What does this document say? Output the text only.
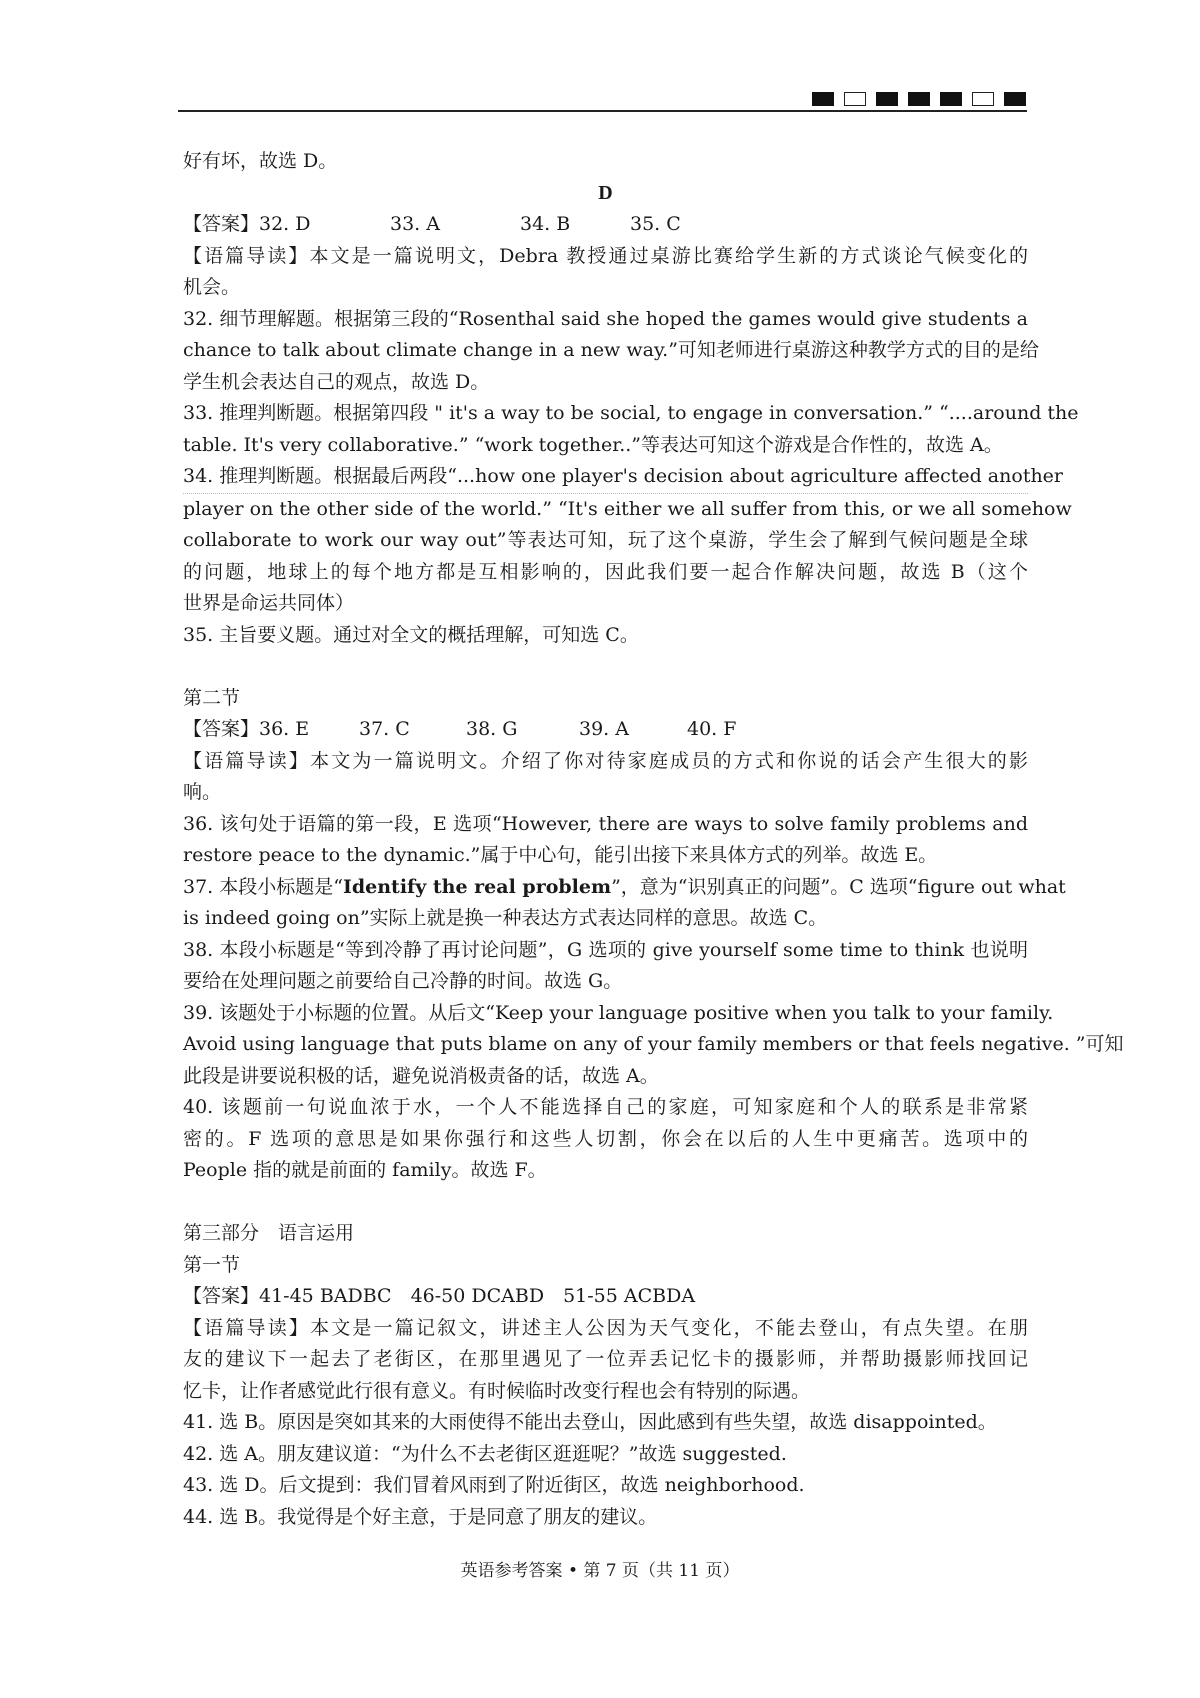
好有坏，故选 D。
D
【答案】32. D	33. A	34. B	35. C
【语篇导读】本文是一篇说明文，Debra 教授通过桌游比赛给学生新的方式谈论气候变化的
机会。
32. 细节理解题。根据第三段的“Rosenthal said she hoped the games would give students a
chance to talk about climate change in a new way.”可知老师进行桌游这种教学方式的目的是给
学生机会表达自己的观点，故选 D。
33. 推理判断题。根据第四段 " it's a way to be social, to engage in conversation.” “....around the
table. It's very collaborative.” “work together..”等表达可知这个游戏是合作性的，故选 A。
34. 推理判断题。根据最后两段“...how one player's decision about agriculture affected another
player on the other side of the world.” “It's either we all suffer from this, or we all somehow
collaborate to work our way out”等表达可知，玩了这个桌游，学生会了解到气候问题是全球
的问题，地球上的每个地方都是互相影响的，因此我们要一起合作解决问题，故选 B（这个
世界是命运共同体）
35. 主旨要义题。通过对全文的概括理解，可知选 C。
第二节
【答案】36. E	37. C	38. G	39. A	40. F
【语篇导读】本文为一篇说明文。介绍了你对待家庭成员的方式和你说的话会产生很大的影
响。
36. 该句处于语篇的第一段，E 选项“However, there are ways to solve family problems and
restore peace to the dynamic.”属于中心句，能引出接下来具体方式的列举。故选 E。
37. 本段小标题是“Identify the real problem”，意为“识别真正的问题”。C 选项“figure out what
is indeed going on”实际上就是换一种表达方式表达同样的意思。故选 C。
38. 本段小标题是“等到冷静了再讨论问题”，G 选项的 give yourself some time to think 也说明
要给在处理问题之前要给自己冷静的时间。故选 G。
39. 该题处于小标题的位置。从后文“Keep your language positive when you talk to your family.
Avoid using language that puts blame on any of your family members or that feels negative. ”可知
此段是讲要说积极的话，避免说消极责备的话，故选 A。
40. 该题前一句说血浓于水，一个人不能选择自己的家庭，可知家庭和个人的联系是非常紧
密的。F 选项的意思是如果你强行和这些人切割，你会在以后的人生中更痛苦。选项中的
People 指的就是前面的 family。故选 F。
第三部分　语言运用
第一节
【答案】41-45 BADBC　46-50 DCABD　51-55 ACBDA
【语篇导读】本文是一篇记叙文，讲述主人公因为天气变化，不能去登山，有点失望。在朋
友的建议下一起去了老街区，在那里遇见了一位弄丢记忆卡的摄影师，并帮助摄影师找回记
忆卡，让作者感觉此行很有意义。有时候临时改变行程也会有特别的际遇。
41. 选 B。原因是突如其来的大雨使得不能出去登山，因此感到有些失望，故选 disappointed。
42. 选 A。朋友建议道：“为什么不去老街区逛逛呢？”故选 suggested.
43. 选 D。后文提到：我们冒着风雨到了附近街区，故选 neighborhood.
44. 选 B。我觉得是个好主意，于是同意了朋友的建议。
英语参考答案 • 第 7 页（共 11 页）
